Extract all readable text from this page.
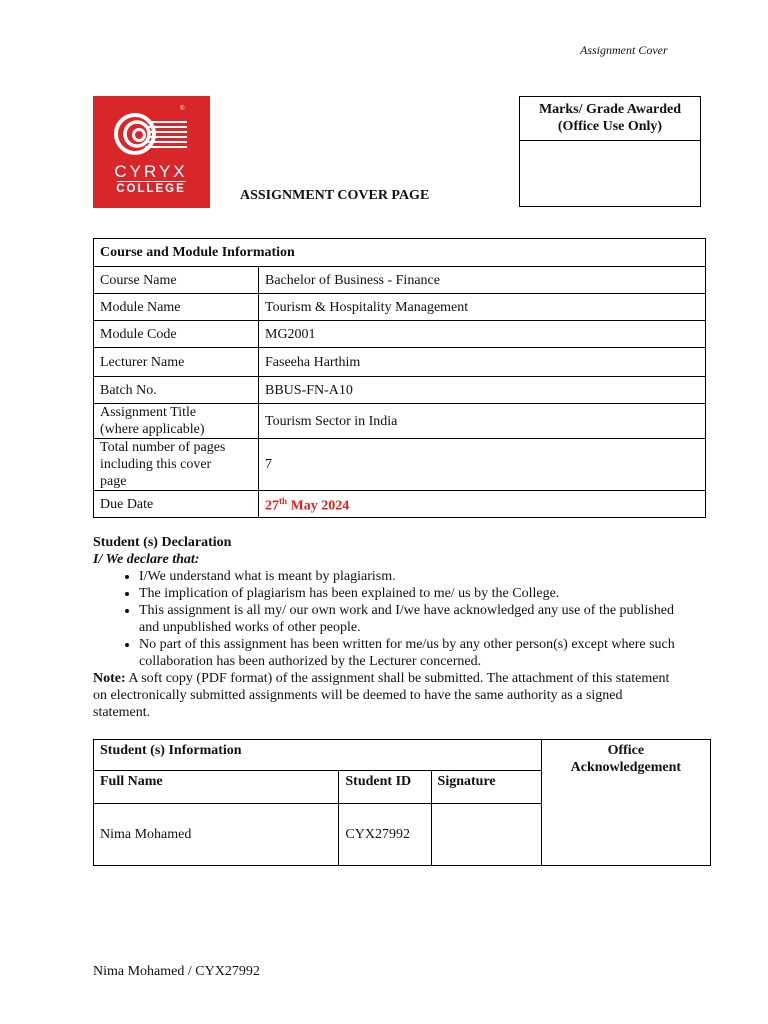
Assignment Cover
®
CYRYX
COLLEGE	ASSIGNMENT COVER PAGE
Marks/ Grade Awarded
(Office Use Only)
Course and Module Information	
Course Name	Bachelor of Business - Finance
Module Name	Tourism & Hospitality Management
Module Code	MG2001
Lecturer Name	Faseeha Harthim
Batch No.	BBUS-FN-A10

Assignment Title
(where applicable)	Tourism Sector in India

Total number of pages
including this cover
page	7
Due Date	27th May 2024
Student (s) Declaration
I/ We declare that:
• I/We understand what is meant by plagiarism.
• The implication of plagiarism has been explained to me/ us by the College.
• This assignment is all my/ our own work and I/we have acknowledged any use of the published and unpublished works of other people.
• No part of this assignment has been written for me/us by any other person(s) except where such collaboration has been authorized by the Lecturer concerned.
Note: A soft copy (PDF format) of the assignment shall be submitted. The attachment of this statement on electronically submitted assignments will be deemed to have the same authority as a signed statement.
Student (s) Information			Office
Acknowledgement

Full Name	Student ID	Signature	
Nima Mohamed	CYX27992		
Nima Mohamed / CYX27992
